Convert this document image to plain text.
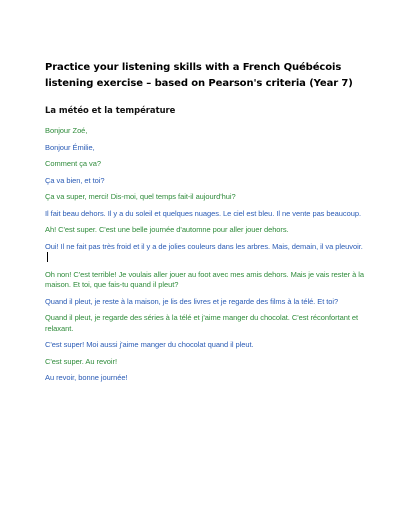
Practice your listening skills with a French Québécois listening exercise – based on Pearson's criteria (Year 7)
La météo et la température

Bonjour Zoé,

Bonjour Émilie,

Comment ça va?

Ça va bien, et toi?

Ça va super, merci! Dis-moi, quel temps fait-il aujourd'hui?

Il fait beau dehors. Il y a du soleil et quelques nuages. Le ciel est bleu. Il ne vente pas beaucoup.

Ah! C'est super. C'est une belle journée d'automne pour aller jouer dehors.

Oui! Il ne fait pas très froid et il y a de jolies couleurs dans les arbres. Mais, demain, il va pleuvoir.

Oh non! C'est terrible! Je voulais aller jouer au foot avec mes amis dehors. Mais je vais rester à la maison. Et toi, que fais-tu quand il pleut?

Quand il pleut, je reste à la maison, je lis des livres et je regarde des films à la télé. Et toi?

Quand il pleut, je regarde des séries à la télé et j'aime manger du chocolat. C'est réconfortant et relaxant.

C'est super! Moi aussi j'aime manger du chocolat quand il pleut.

C'est super. Au revoir!

Au revoir, bonne journée!
